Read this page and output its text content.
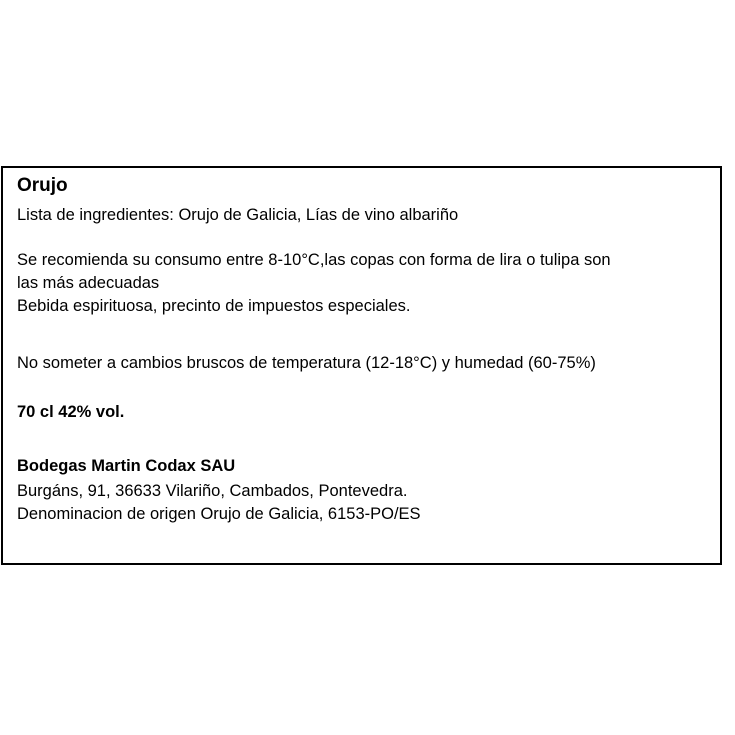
Orujo
Lista de ingredientes: Orujo de Galicia, Lías de vino albariño
Se recomienda su consumo entre 8-10°C,las copas con forma de lira o tulipa son
las más adecuadas
Bebida espirituosa, precinto de impuestos especiales.
No someter a cambios bruscos de temperatura (12-18°C) y humedad (60-75%)
70 cl 42% vol.
Bodegas Martin Codax SAU
Burgáns, 91, 36633 Vilariño, Cambados, Pontevedra.
Denominacion de origen Orujo de Galicia, 6153-PO/ES
